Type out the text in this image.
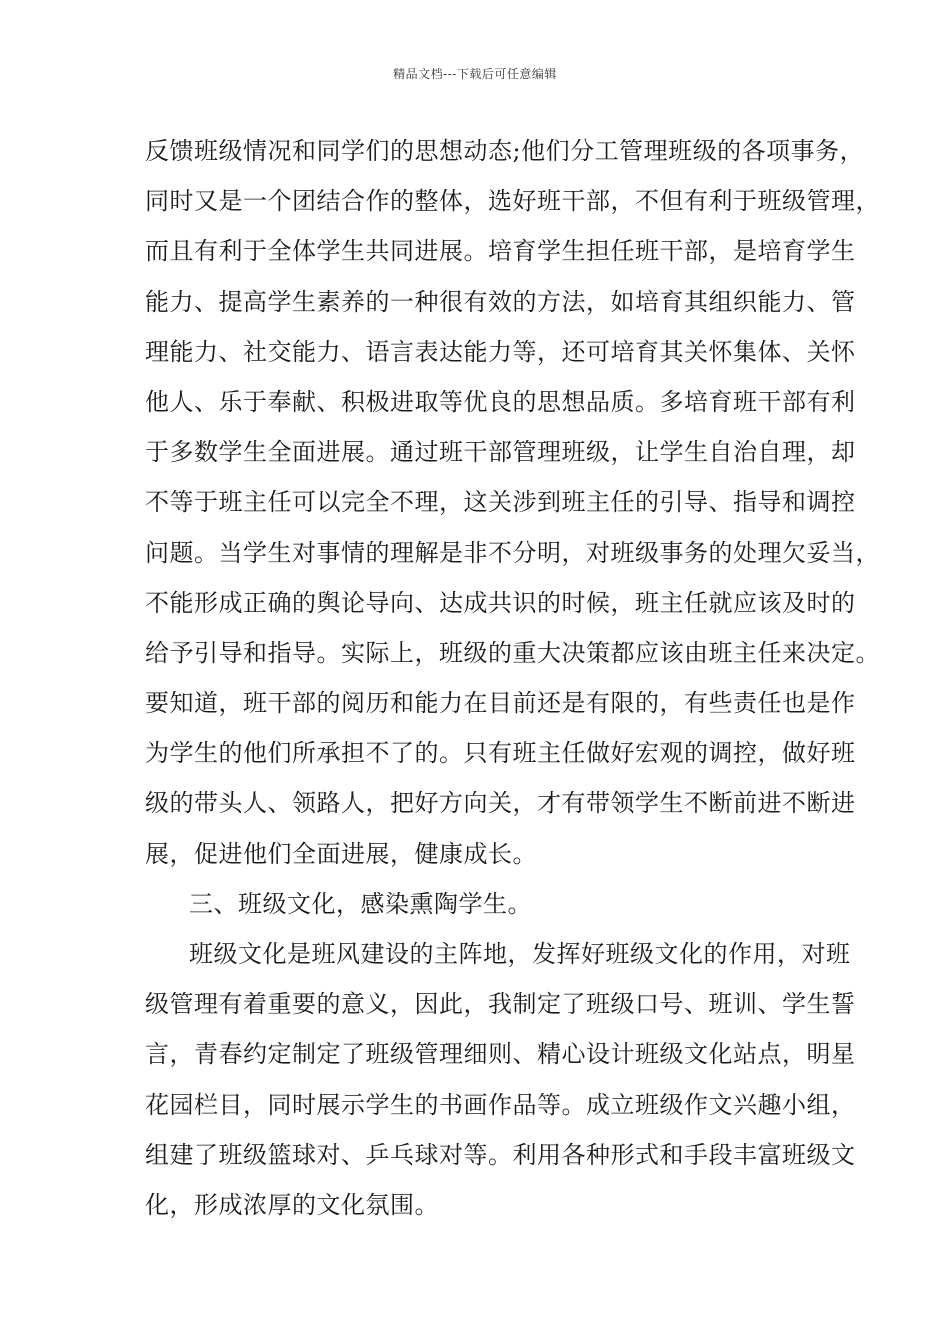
精品文档---下载后可任意编辑
反馈班级情况和同学们的思想动态;他们分工管理班级的各项事务，
同时又是一个团结合作的整体，选好班干部，不但有利于班级管理，
而且有利于全体学生共同进展。培育学生担任班干部，是培育学生
能力、提高学生素养的一种很有效的方法，如培育其组织能力、管
理能力、社交能力、语言表达能力等，还可培育其关怀集体、关怀
他人、乐于奉献、积极进取等优良的思想品质。多培育班干部有利
于多数学生全面进展。通过班干部管理班级，让学生自治自理，却
不等于班主任可以完全不理，这关涉到班主任的引导、指导和调控
问题。当学生对事情的理解是非不分明，对班级事务的处理欠妥当，
不能形成正确的舆论导向、达成共识的时候，班主任就应该及时的
给予引导和指导。实际上，班级的重大决策都应该由班主任来决定。
要知道，班干部的阅历和能力在目前还是有限的，有些责任也是作
为学生的他们所承担不了的。只有班主任做好宏观的调控，做好班
级的带头人、领路人，把好方向关，才有带领学生不断前进不断进
展，促进他们全面进展，健康成长。
三、班级文化，感染熏陶学生。
班级文化是班风建设的主阵地，发挥好班级文化的作用，对班
级管理有着重要的意义，因此，我制定了班级口号、班训、学生誓
言，青春约定制定了班级管理细则、精心设计班级文化站点，明星
花园栏目，同时展示学生的书画作品等。成立班级作文兴趣小组，
组建了班级篮球对、乒乓球对等。利用各种形式和手段丰富班级文
化，形成浓厚的文化氛围。
